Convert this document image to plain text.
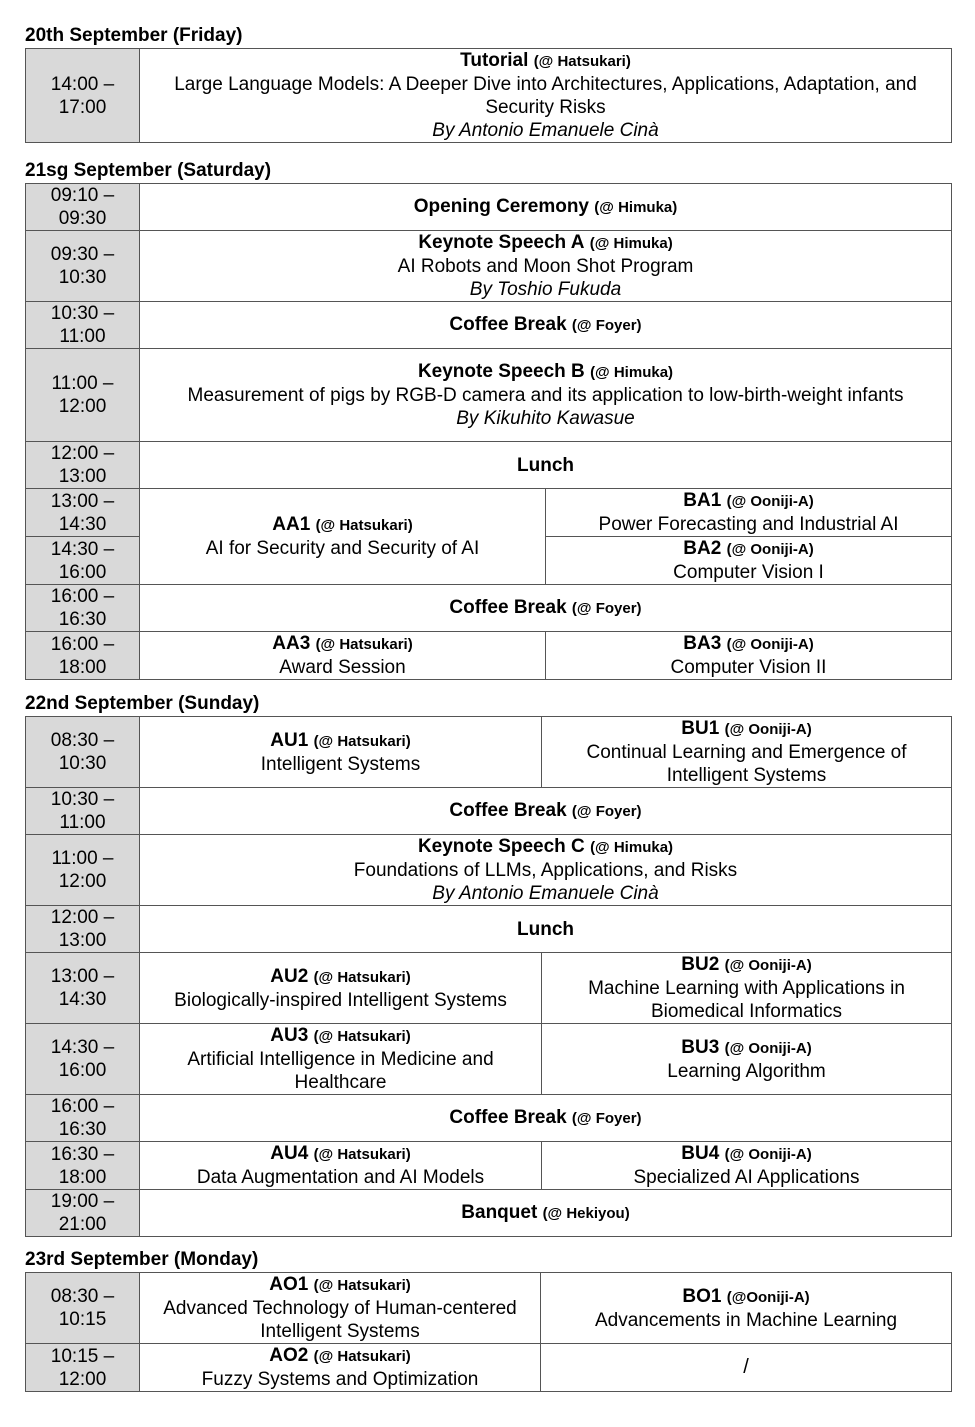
20th September (Friday)
14:00 –
17:00	Tutorial (@ Hatsukari)
Large Language Models: A Deeper Dive into Architectures, Applications, Adaptation, and Security Risks
By Antonio Emanuele Cinà
21sg September (Saturday)
09:10 –
09:30	Opening Ceremony (@ Himuka)	
09:30 –
10:30	Keynote Speech A (@ Himuka)
AI Robots and Moon Shot Program
By Toshio Fukuda	

10:30 –
11:00	Coffee Break (@ Foyer)	
11:00 –
12:00	Keynote Speech B (@ Himuka)
Measurement of pigs by RGB-D camera and its application to low-birth-weight infants
By Kikuhito Kawasue	

12:00 –
13:00	Lunch	
13:00 –
14:30	AA1 (@ Hatsukari)
AI for Security and Security of AI	BA1 (@ Ooniji-A)
Power Forecasting and Industrial AI

14:30 –
16:00		BA2 (@ Ooniji-A)
Computer Vision I

16:00 –
16:30	Coffee Break (@ Foyer)	
16:00 –
18:00	AA3 (@ Hatsukari)
Award Session	BA3 (@ Ooniji-A)
Computer Vision II
22nd September (Sunday)
08:30 –
10:30	AU1 (@ Hatsukari)
Intelligent Systems	BU1 (@ Ooniji-A)
Continual Learning and Emergence of Intelligent Systems

10:30 –
11:00	Coffee Break (@ Foyer)	
11:00 –
12:00	Keynote Speech C (@ Himuka)
Foundations of LLMs, Applications, and Risks
By Antonio Emanuele Cinà	

12:00 –
13:00	Lunch	
13:00 –
14:30	AU2 (@ Hatsukari)
Biologically-inspired Intelligent Systems	BU2 (@ Ooniji-A)
Machine Learning with Applications in Biomedical Informatics

14:30 –
16:00	AU3 (@ Hatsukari)
Artificial Intelligence in Medicine and Healthcare	BU3 (@ Ooniji-A)
Learning Algorithm

16:00 –
16:30	Coffee Break (@ Foyer)	
16:30 –
18:00	AU4 (@ Hatsukari)
Data Augmentation and AI Models	BU4 (@ Ooniji-A)
Specialized AI Applications

19:00 –
21:00	Banquet (@ Hekiyou)	
23rd September (Monday)
08:30 –
10:15	AO1 (@ Hatsukari)
Advanced Technology of Human-centered Intelligent Systems	BO1 (@Ooniji-A)
Advancements in Machine Learning

10:15 –
12:00	AO2 (@ Hatsukari)
Fuzzy Systems and Optimization	/
